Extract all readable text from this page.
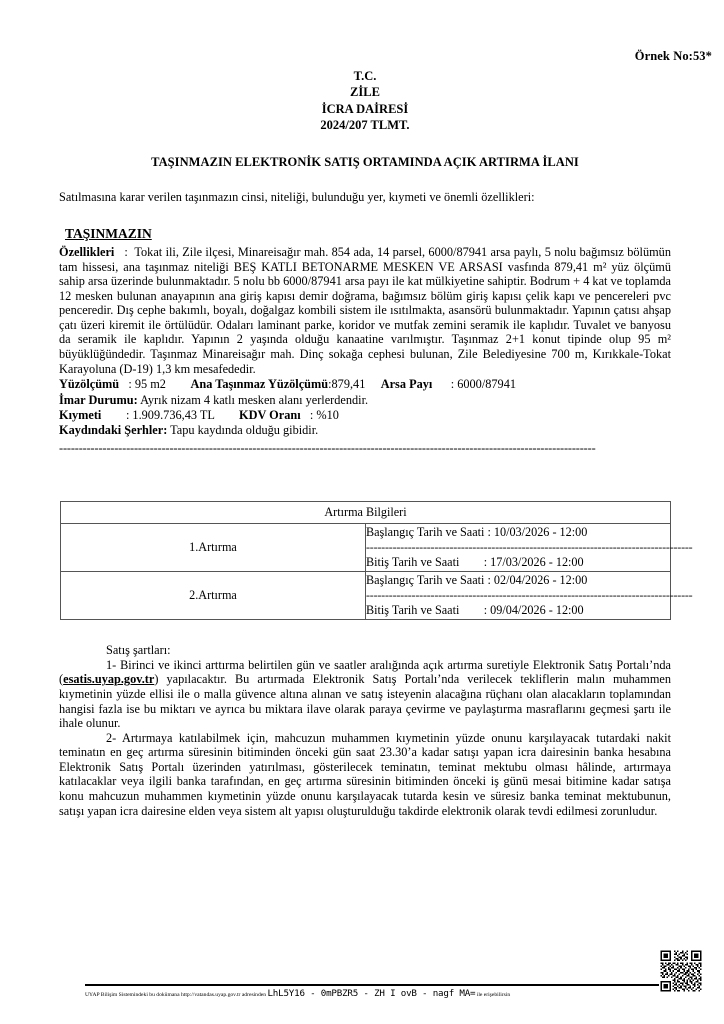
Örnek No:53*
T.C.
ZİLE
İCRA DAİRESİ
2024/207 TLMT.
TAŞINMAZIN ELEKTRONİK SATIŞ ORTAMINDA AÇIK ARTIRMA İLANI
Satılmasına karar verilen taşınmazın cinsi, niteliği, bulunduğu yer, kıymeti ve önemli özellikleri:
TAŞINMAZIN
Özellikleri   :  Tokat ili, Zile ilçesi, Minareisağır mah. 854 ada, 14 parsel, 6000/87941 arsa paylı, 5 nolu bağımsız bölümün tam hissesi, ana taşınmaz niteliği BEŞ KATLI BETONARME MESKEN VE ARSASI vasfında 879,41 m² yüz ölçümü sahip arsa üzerinde bulunmaktadır. 5 nolu bb 6000/87941 arsa payı ile kat mülkiyetine sahiptir. Bodrum + 4 kat ve toplamda 12 mesken bulunan anayapının ana giriş kapısı demir doğrama, bağımsız bölüm giriş kapısı çelik kapı ve pencereleri pvc penceredir. Dış cephe bakımlı, boyalı, doğalgaz kombili sistem ile ısıtılmakta, asansörü bulunmaktadır. Yapının çatısı ahşap çatı üzeri kiremit ile örtülüdür. Odaları laminant parke, koridor ve mutfak zemini seramik ile kaplıdır. Tuvalet ve banyosu da seramik ile kaplıdır. Yapının 2 yaşında olduğu kanaatine varılmıştır. Taşınmaz 2+1 konut tipinde olup 95 m² büyüklüğündedir. Taşınmaz Minareisağır mah. Dinç sokağa cephesi bulunan, Zile Belediyesine 700 m, Kırıkkale-Tokat Karayoluna (D-19) 1,3 km mesafededir.
Yüzölçümü : 95 m2 Ana Taşınmaz Yüzölçümü:879,41 Arsa Payı : 6000/87941
İmar Durumu: Ayrık nizam 4 katlı mesken alanı yerlerdendir.
Kıymeti : 1.909.736,43 TL KDV Oranı : %10
Kaydındaki Şerhler: Tapu kaydında olduğu gibidir.
----------------------------------------------------------------------------------------------------------------------------------------
Artırma Bilgileri	
1.Artırma	Başlangıç Tarih ve Saati : 10/03/2026 - 12:00
--------------------------------------------------------------------------------------
Bitiş Tarih ve Saati        : 17/03/2026 - 12:00

2.Artırma	Başlangıç Tarih ve Saati : 02/04/2026 - 12:00
--------------------------------------------------------------------------------------
Bitiş Tarih ve Saati        : 09/04/2026 - 12:00
Satış şartları:
1- Birinci ve ikinci arttırma belirtilen gün ve saatler aralığında açık artırma suretiyle Elektronik Satış Portalı’nda (esatis.uyap.gov.tr) yapılacaktır. Bu artırmada Elektronik Satış Portalı’nda verilecek tekliflerin malın muhammen kıymetinin yüzde ellisi ile o malla güvence altına alınan ve satış isteyenin alacağına rüçhanı olan alacakların toplamından hangisi fazla ise bu miktarı ve ayrıca bu miktara ilave olarak paraya çevirme ve paylaştırma masraflarını geçmesi şartı ile ihale olunur.
2- Artırmaya katılabilmek için, mahcuzun muhammen kıymetinin yüzde onunu karşılayacak tutardaki nakit teminatın en geç artırma süresinin bitiminden önceki gün saat 23.30’a kadar satışı yapan icra dairesinin banka hesabına Elektronik Satış Portalı üzerinden yatırılması, gösterilecek teminatın, teminat mektubu olması hâlinde, artırmaya katılacaklar veya ilgili banka tarafından, en geç artırma süresinin bitiminden önceki iş günü mesai bitimine kadar satışa konu mahcuzun muhammen kıymetinin yüzde onunu karşılayacak tutarda kesin ve süresiz banka teminat mektubunun, satışı yapan icra dairesine elden veya sistem alt yapısı oluşturulduğu takdirde elektronik olarak tevdi edilmesi zorunludur.
UYAP Bilişim Sistemindeki bu dokümana http://vatandas.uyap.gov.tr adresinden LhL5Y16 - 0mPBZR5 - ZH I ovB - nagf MA= ile erişebilirsin
